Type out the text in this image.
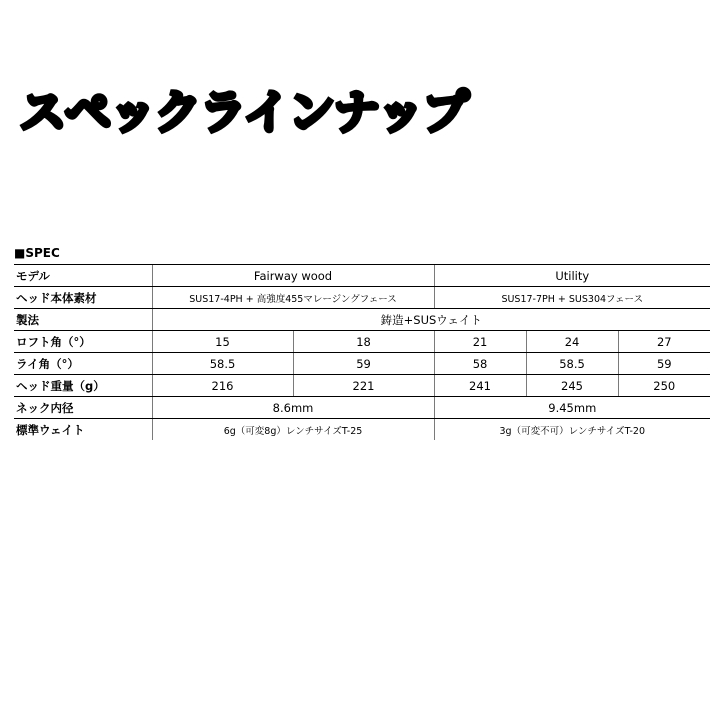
スペックラインナップ
■SPEC
モデル	Fairway wood		Utility		
ヘッド本体素材	SUS17-4PH + 高強度455マレージングフェース		SUS17-7PH + SUS304フェース		
製法	鋳造+SUSウェイト				
ロフト角（°）	15	18	21	24	27
ライ角（°）	58.5	59	58	58.5	59
ヘッド重量（g）	216	221	241	245	250
ネック内径	8.6mm		9.45mm		
標準ウェイト	6g（可変8g）レンチサイズT-25		3g（可変不可）レンチサイズT-20		
